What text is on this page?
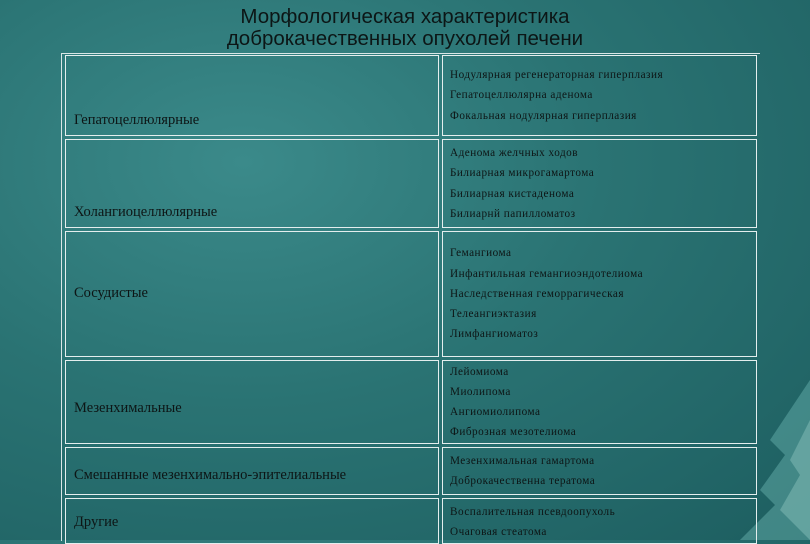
Морфологическая характеристика
доброкачественных опухолей печени
Гепатоцеллюлярные
Нодулярная регенераторная гиперплазия
Гепатоцеллюлярна аденома
Фокальная нодулярная гиперплазия
Холангиоцеллюлярные
Аденома желчных ходов
Билиарная микрогамартома
Билиарная кистаденома
Билиарнй папилломатоз
Сосудистые
Гемангиома
Инфантильная гемангиоэндотелиома
Наследственная геморрагическая
Телеангиэктазия
Лимфангиоматоз
Мезенхимальные
Лейомиома
Миолипома
Ангиомиолипома
Фиброзная мезотелиома
Смешанные мезенхимально-эпителиальные
Мезенхимальная гамартома
Доброкачественна тератома
Другие
Воспалительная псевдоопухоль
Очаговая стеатома
